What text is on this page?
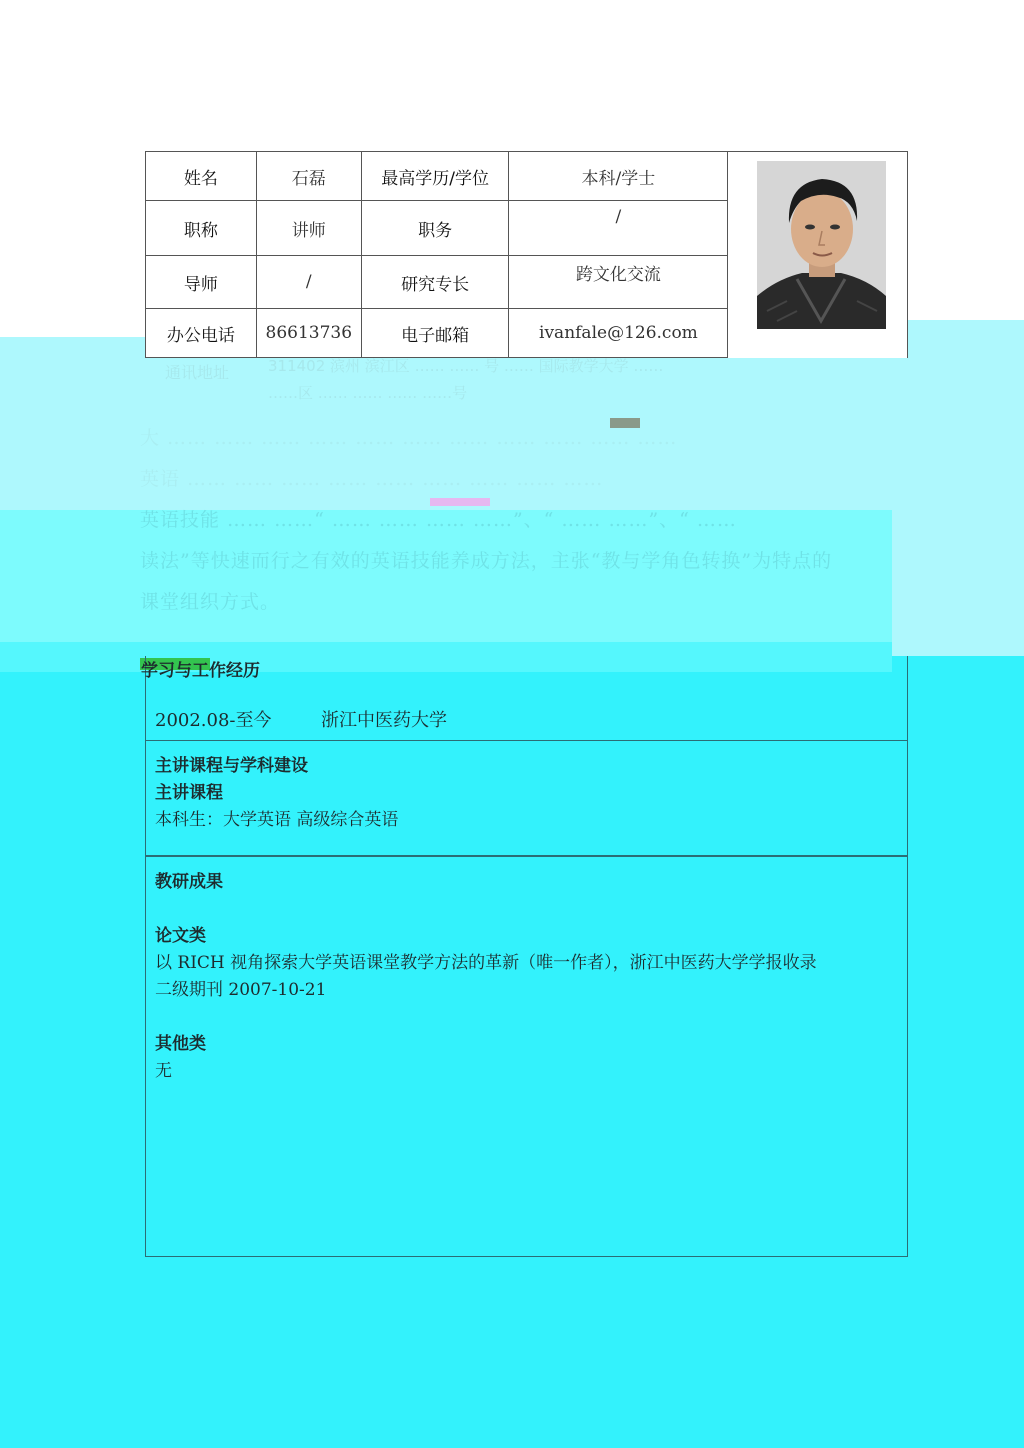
姓名	石磊	最高学历/学位	本科/学士	
职称	讲师	职务	/	
导师	/	研究专长	跨文化交流	
办公电话	86613736	电子邮箱	ivanfale@126.com	
通讯地址	311402 滨州 滨江区 …… …… 号 …… 国际教学大学 ……
……区 …… …… …… ……号

大 …… …… …… …… …… …… …… …… …… …… ……

英语 …… …… …… …… …… …… …… …… ……

英语技能 …… ……“ …… …… …… ……”、“ …… ……”、“ ……

读法”等快速而行之有效的英语技能养成方法，主张“教与学角色转换”为特点的

课堂组织方式。

学习与工作经历
2002.08-至今	浙江中医药大学
主讲课程与学科建设
主讲课程
本科生：大学英语 高级综合英语
教研成果
论文类
以 RICH 视角探索大学英语课堂教学方法的革新（唯一作者），浙江中医药大学学报收录
二级期刊 2007-10-21
其他类
无
